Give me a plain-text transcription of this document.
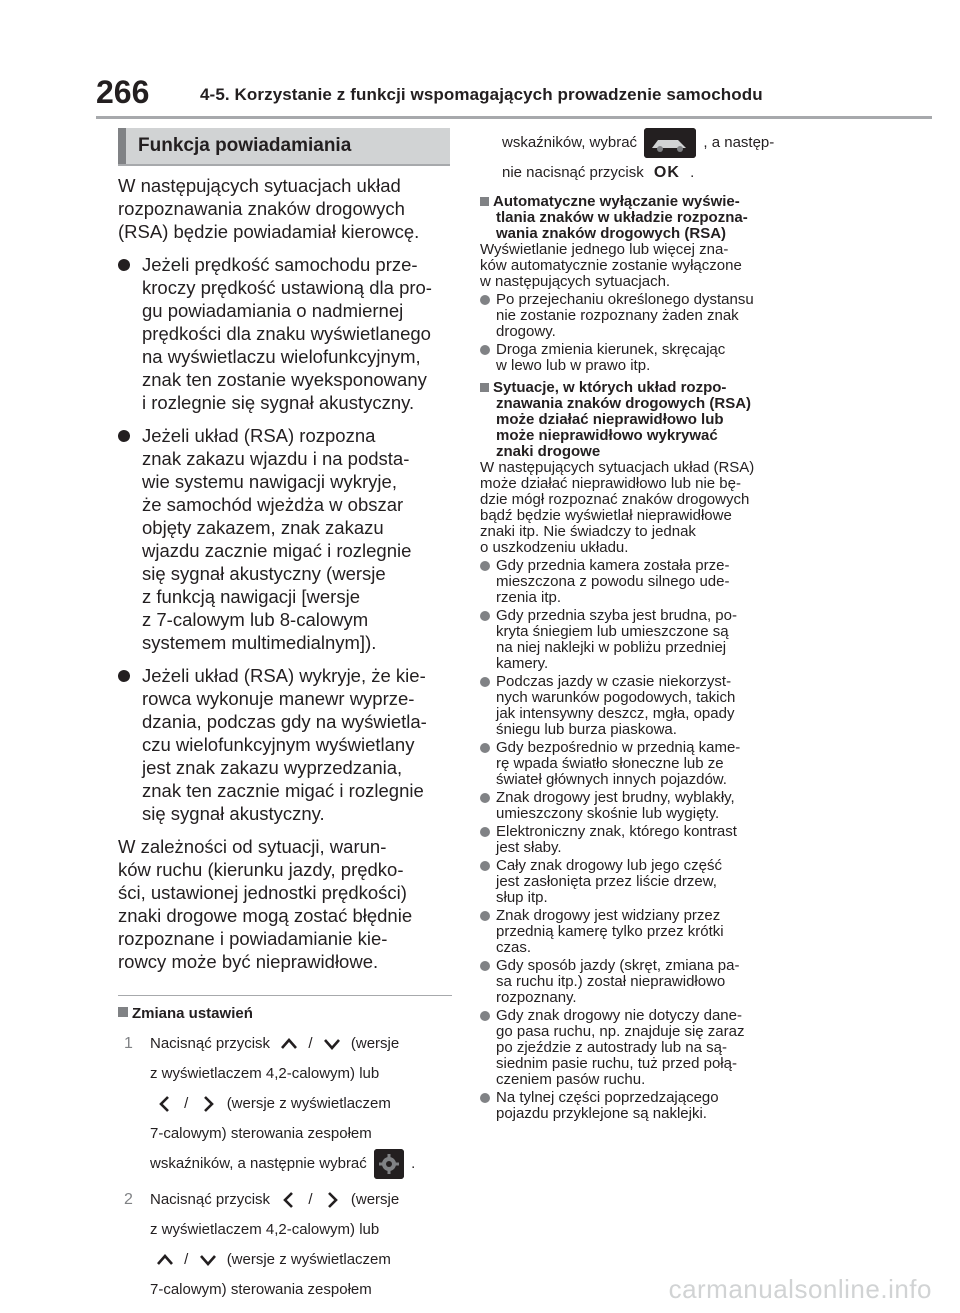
266	4-5. Korzystanie z funkcji wspomagających prowadzenie samochodu
Funkcja powiadamiania

W następujących sytuacjach układ
rozpoznawania znaków drogowych
(RSA) będzie powiadamiał kierowcę.

Jeżeli prędkość samochodu prze-
kroczy prędkość ustawioną dla pro-
gu powiadamiania o nadmiernej
prędkości dla znaku wyświetlanego
na wyświetlaczu wielofunkcyjnym,
znak ten zostanie wyeksponowany
i rozlegnie się sygnał akustyczny.
Jeżeli układ (RSA) rozpozna
znak zakazu wjazdu i na podsta-
wie systemu nawigacji wykryje,
że samochód wjeżdża w obszar
objęty zakazem, znak zakazu
wjazdu zacznie migać i rozlegnie
się sygnał akustyczny (wersje
z funkcją nawigacji [wersje
z 7-calowym lub 8-calowym
systemem multimedialnym]).
Jeżeli układ (RSA) wykryje, że kie-
rowca wykonuje manewr wyprze-
dzania, podczas gdy na wyświetla-
czu wielofunkcyjnym wyświetlany
jest znak zakazu wyprzedzania,
znak ten zacznie migać i rozlegnie
się sygnał akustyczny.

W zależności od sytuacji, warun-
ków ruchu (kierunku jazdy, prędko-
ści, ustawionej jednostki prędkości)
znaki drogowe mogą zostać błędnie
rozpoznane i powiadamianie kie-
rowcy może być nieprawidłowe.

Zmiana ustawień
1 Nacisnąć przycisk	/	(wersje
z wyświetlaczem 4,2-calowym) lub
/	(wersje z wyświetlaczem
7-calowym) sterowania zespołem
wskaźników, a następnie wybrać	.
2 Nacisnąć przycisk	/	(wersje
z wyświetlaczem 4,2-calowym) lub
/	(wersje z wyświetlaczem
7-calowym) sterowania zespołem
wskaźników, wybrać	, a następ-
nie nacisnąć przycisk OK .
Automatyczne wyłączanie wyświe-
tlania znaków w układzie rozpozna-
wania znaków drogowych (RSA)

Wyświetlanie jednego lub więcej zna-
ków automatycznie zostanie wyłączone
w następujących sytuacjach.

Po przejechaniu określonego dystansu
nie zostanie rozpoznany żaden znak
drogowy.
Droga zmienia kierunek, skręcając
w lewo lub w prawo itp.
Sytuacje, w których układ rozpo-
znawania znaków drogowych (RSA)
może działać nieprawidłowo lub
może nieprawidłowo wykrywać
znaki drogowe

W następujących sytuacjach układ (RSA)
może działać nieprawidłowo lub nie bę-
dzie mógł rozpoznać znaków drogowych
bądź będzie wyświetlał nieprawidłowe
znaki itp. Nie świadczy to jednak
o uszkodzeniu układu.

Gdy przednia kamera została prze-
mieszczona z powodu silnego ude-
rzenia itp.
Gdy przednia szyba jest brudna, po-
kryta śniegiem lub umieszczone są
na niej naklejki w pobliżu przedniej
kamery.
Podczas jazdy w czasie niekorzyst-
nych warunków pogodowych, takich
jak intensywny deszcz, mgła, opady
śniegu lub burza piaskowa.
Gdy bezpośrednio w przednią kame-
rę wpada światło słoneczne lub ze
świateł głównych innych pojazdów.
Znak drogowy jest brudny, wyblakły,
umieszczony skośnie lub wygięty.
Elektroniczny znak, którego kontrast
jest słaby.
Cały znak drogowy lub jego część
jest zasłonięta przez liście drzew,
słup itp.
Znak drogowy jest widziany przez
przednią kamerę tylko przez krótki
czas.
Gdy sposób jazdy (skręt, zmiana pa-
sa ruchu itp.) został nieprawidłowo
rozpoznany.
Gdy znak drogowy nie dotyczy dane-
go pasa ruchu, np. znajduje się zaraz
po zjeździe z autostrady lub na są-
siednim pasie ruchu, tuż przed połą-
czeniem pasów ruchu.
Na tylnej części poprzedzającego
pojazdu przyklejone są naklejki.
carmanualsonline.info
